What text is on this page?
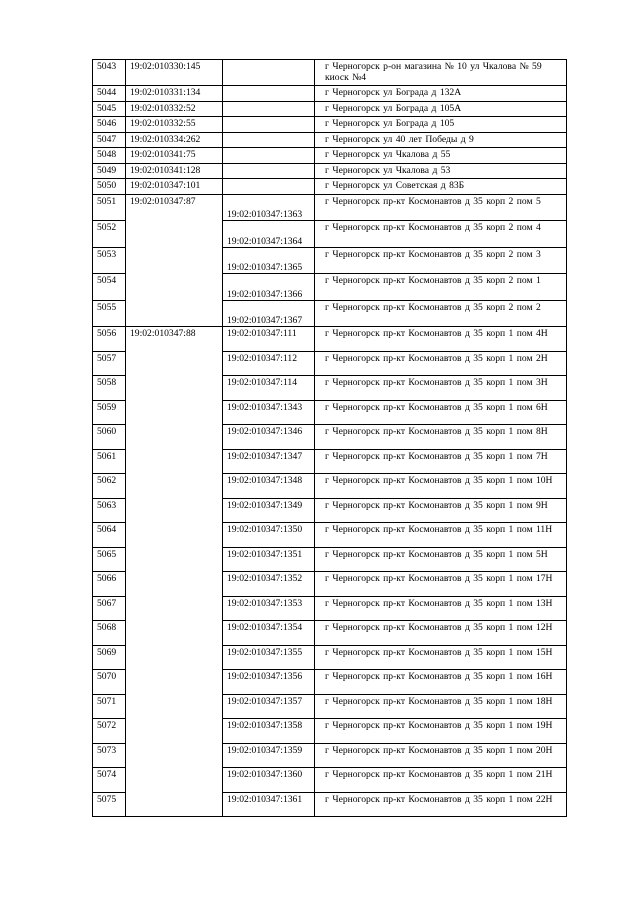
5043	19:02:010330:145		г Черногорск р-он магазина № 10 ул Чкалова № 59 киоск №4
5044	19:02:010331:134		г Черногорск ул Бограда д 132А
5045	19:02:010332:52		г Черногорск ул Бограда д 105А
5046	19:02:010332:55		г Черногорск ул Бограда д 105
5047	19:02:010334:262		г Черногорск ул 40 лет Победы д 9
5048	19:02:010341:75		г Черногорск ул Чкалова д 55
5049	19:02:010341:128		г Черногорск ул Чкалова д 53
5050	19:02:010347:101		г Черногорск ул Советская д 83Б
5051	19:02:010347:87	19:02:010347:1363	г Черногорск пр-кт Космонавтов д 35 корп 2 пом 5
5052		19:02:010347:1364	г Черногорск пр-кт Космонавтов д 35 корп 2 пом 4
5053		19:02:010347:1365	г Черногорск пр-кт Космонавтов д 35 корп 2 пом 3
5054		19:02:010347:1366	г Черногорск пр-кт Космонавтов д 35 корп 2 пом 1
5055		19:02:010347:1367	г Черногорск пр-кт Космонавтов д 35 корп 2 пом 2
5056	19:02:010347:88	19:02:010347:111	г Черногорск пр-кт Космонавтов д 35 корп 1 пом 4Н
5057		19:02:010347:112	г Черногорск пр-кт Космонавтов д 35 корп 1 пом 2Н
5058		19:02:010347:114	г Черногорск пр-кт Космонавтов д 35 корп 1 пом 3Н
5059		19:02:010347:1343	г Черногорск пр-кт Космонавтов д 35 корп 1 пом 6Н
5060		19:02:010347:1346	г Черногорск пр-кт Космонавтов д 35 корп 1 пом 8Н
5061		19:02:010347:1347	г Черногорск пр-кт Космонавтов д 35 корп 1 пом 7Н
5062		19:02:010347:1348	г Черногорск пр-кт Космонавтов д 35 корп 1 пом 10Н
5063		19:02:010347:1349	г Черногорск пр-кт Космонавтов д 35 корп 1 пом 9Н
5064		19:02:010347:1350	г Черногорск пр-кт Космонавтов д 35 корп 1 пом 11Н
5065		19:02:010347:1351	г Черногорск пр-кт Космонавтов д 35 корп 1 пом 5Н
5066		19:02:010347:1352	г Черногорск пр-кт Космонавтов д 35 корп 1 пом 17Н
5067		19:02:010347:1353	г Черногорск пр-кт Космонавтов д 35 корп 1 пом 13Н
5068		19:02:010347:1354	г Черногорск пр-кт Космонавтов д 35 корп 1 пом 12Н
5069		19:02:010347:1355	г Черногорск пр-кт Космонавтов д 35 корп 1 пом 15Н
5070		19:02:010347:1356	г Черногорск пр-кт Космонавтов д 35 корп 1 пом 16Н
5071		19:02:010347:1357	г Черногорск пр-кт Космонавтов д 35 корп 1 пом 18Н
5072		19:02:010347:1358	г Черногорск пр-кт Космонавтов д 35 корп 1 пом 19Н
5073		19:02:010347:1359	г Черногорск пр-кт Космонавтов д 35 корп 1 пом 20Н
5074		19:02:010347:1360	г Черногорск пр-кт Космонавтов д 35 корп 1 пом 21Н
5075		19:02:010347:1361	г Черногорск пр-кт Космонавтов д 35 корп 1 пом 22Н
